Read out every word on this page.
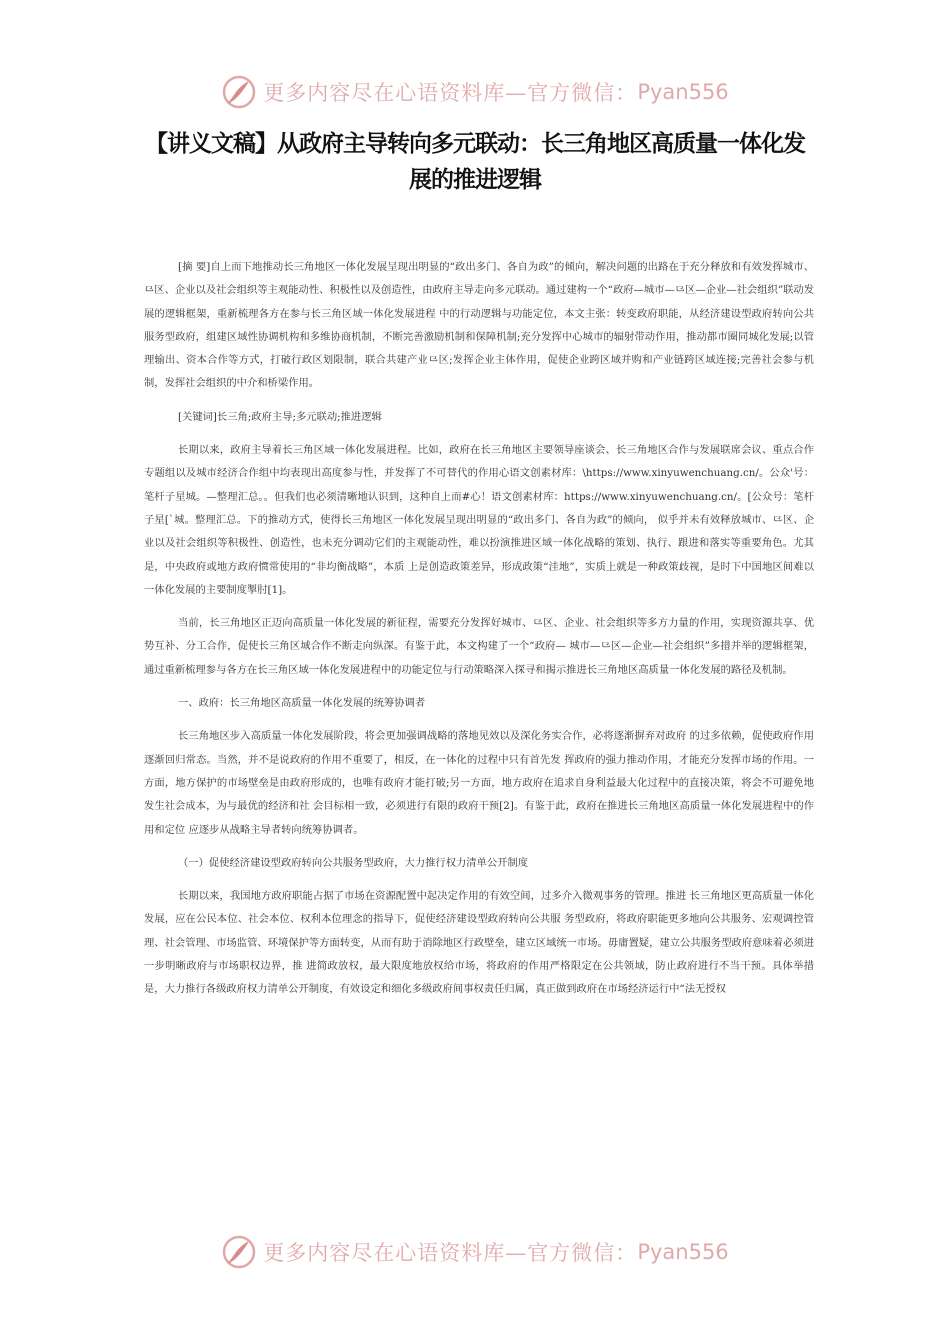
更多内容尽在心语资料库—官方微信： Pyan556
【讲义文稿】从政府主导转向多元联动：长三角地区高质量一体化发展的推进逻辑

[摘 要]自上而下地推动长三角地区一体化发展呈现出明显的“政出多门、各自为政”的倾向，解决问题的出路在于充分释放和有效发挥城市、⺋区、企业以及社会组织等主观能动性、积极性以及创造性，由政府主导走向多元联动。通过建构一个“政府—城市—⺋区—企业—社会组织”联动发展的逻辑框架，重新梳理各方在参与长三角区域一体化发展进程 中的行动逻辑与功能定位，本文主张：转变政府职能，从经济建设型政府转向公共服务型政府，组建区域性协调机构和多维协商机制，不断完善激励机制和保障机制;充分发挥中心城市的辐射带动作用，推动都市圈同城化发展;以管理输出、资本合作等方式，打破行政区划限制，联合共建产业⺋区;发挥企业主体作用，促使企业跨区域并购和产业链跨区域连接;完善社会参与机制，发挥社会组织的中介和桥梁作用。

[关键词]长三角;政府主导;多元联动;推进逻辑

长期以来，政府主导着长三角区域一体化发展进程。比如，政府在长三角地区主要领导座谈会、长三角地区合作与发展联席会议、重点合作专题组以及城市经济合作组中均表现出高度参与性，并发挥了不可替代的作用心语文创素材库：\https://www.xinyuwenchuang.cn/。公众'号：笔杆子星城。—整理汇总。。但我们也必须清晰地认识到，这种自上而#心！语文创素材库：https://www.xinyuwenchuang.cn/。[公众号：笔杆子星[`城。整理汇总。下的推动方式，使得长三角地区一体化发展呈现出明显的“政出多门、各自为政”的倾向， 似乎并未有效释放城市、⺋区、企业以及社会组织等积极性、创造性，也未充分调动它们的主观能动性，难以扮演推进区域一体化战略的策划、执行、跟进和落实等重要角色。尤其是，中央政府或地方政府惯常使用的“非均衡战略”，本质 上是创造政策差异，形成政策“洼地”，实质上就是一种政策歧视，是时下中国地区间难以一体化发展的主要制度掣肘[1]。

当前，长三角地区正迈向高质量一体化发展的新征程，需要充分发挥好城市、⺋区、企业、社会组织等多方力量的作用，实现资源共享、优势互补、分工合作，促使长三角区域合作不断走向纵深。有鉴于此，本文构建了一个“政府— 城市—⺋区—企业—社会组织”多措并举的逻辑框架，通过重新梳理参与各方在长三角区域一体化发展进程中的功能定位与行动策略深入探寻和揭示推进长三角地区高质量一体化发展的路径及机制。

一、政府：长三角地区高质量一体化发展的统筹协调者

长三角地区步入高质量一体化发展阶段，将会更加强调战略的落地见效以及深化务实合作，必将逐渐摒弃对政府 的过多依赖，促使政府作用逐渐回归常态。当然，并不是说政府的作用不重要了，相反，在一体化的过程中只有首先发 挥政府的强力推动作用，才能充分发挥市场的作用。一方面，地方保护的市场壁垒是由政府形成的，也唯有政府才能打破;另一方面，地方政府在追求自身利益最大化过程中的直接决策，将会不可避免地发生社会成本，为与最优的经济和社 会目标相一致，必须进行有限的政府干预[2]。有鉴于此，政府在推进长三角地区高质量一体化发展进程中的作用和定位 应逐步从战略主导者转向统筹协调者。

（一）促使经济建设型政府转向公共服务型政府，大力推行权力清单公开制度

长期以来，我国地方政府职能占据了市场在资源配置中起决定作用的有效空间，过多介入微观事务的管理。推进 长三角地区更高质量一体化发展，应在公民本位、社会本位、权利本位理念的指导下，促使经济建设型政府转向公共服 务型政府，将政府职能更多地向公共服务、宏观调控管理、社会管理、市场监管、环境保护等方面转变，从而有助于消除地区行政壁垒，建立区域统一市场。毋庸置疑，建立公共服务型政府意味着必须进一步明晰政府与市场职权边界，推 进简政放权，最大限度地放权给市场，将政府的作用严格限定在公共领域，防止政府进行不当干预。具体举措是，大力推行各级政府权力清单公开制度，有效设定和细化多级政府间事权责任归属，真正做到政府在市场经济运行中“法无授权

更多内容尽在心语资料库—官方微信： Pyan556
